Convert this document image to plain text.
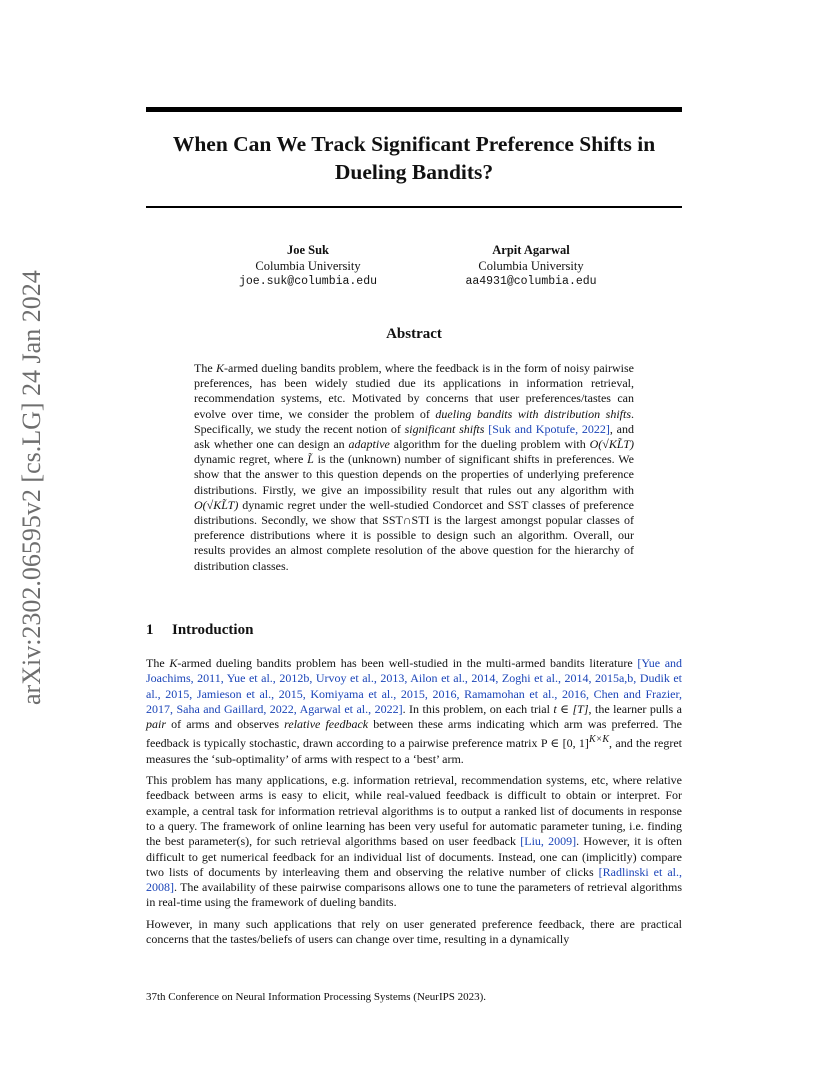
arXiv:2302.06595v2 [cs.LG] 24 Jan 2024
When Can We Track Significant Preference Shifts in Dueling Bandits?
Joe Suk
Columbia University
joe.suk@columbia.edu
Arpit Agarwal
Columbia University
aa4931@columbia.edu
Abstract
The K-armed dueling bandits problem, where the feedback is in the form of noisy pairwise preferences, has been widely studied due its applications in information retrieval, recommendation systems, etc. Motivated by concerns that user preferences/tastes can evolve over time, we consider the problem of dueling bandits with distribution shifts. Specifically, we study the recent notion of significant shifts [Suk and Kpotufe, 2022], and ask whether one can design an adaptive algorithm for the dueling problem with O(√KL̃T) dynamic regret, where L̃ is the (unknown) number of significant shifts in preferences. We show that the answer to this question depends on the properties of underlying preference distributions. Firstly, we give an impossibility result that rules out any algorithm with O(√KL̃T) dynamic regret under the well-studied Condorcet and SST classes of preference distributions. Secondly, we show that SST∩STI is the largest amongst popular classes of preference distributions where it is possible to design such an algorithm. Overall, our results provides an almost complete resolution of the above question for the hierarchy of distribution classes.
1 Introduction

The K-armed dueling bandits problem has been well-studied in the multi-armed bandits literature [Yue and Joachims, 2011, Yue et al., 2012b, Urvoy et al., 2013, Ailon et al., 2014, Zoghi et al., 2014, 2015a,b, Dudik et al., 2015, Jamieson et al., 2015, Komiyama et al., 2015, 2016, Ramamohan et al., 2016, Chen and Frazier, 2017, Saha and Gaillard, 2022, Agarwal et al., 2022]. In this problem, on each trial t ∈ [T], the learner pulls a pair of arms and observes relative feedback between these arms indicating which arm was preferred. The feedback is typically stochastic, drawn according to a pairwise preference matrix P ∈ [0, 1]$^{K\times K}$, and the regret measures the ‘sub-optimality’ of arms with respect to a ‘best’ arm.

This problem has many applications, e.g. information retrieval, recommendation systems, etc, where relative feedback between arms is easy to elicit, while real-valued feedback is difficult to obtain or interpret. For example, a central task for information retrieval algorithms is to output a ranked list of documents in response to a query. The framework of online learning has been very useful for automatic parameter tuning, i.e. finding the best parameter(s), for such retrieval algorithms based on user feedback [Liu, 2009]. However, it is often difficult to get numerical feedback for an individual list of documents. Instead, one can (implicitly) compare two lists of documents by interleaving them and observing the relative number of clicks [Radlinski et al., 2008]. The availability of these pairwise comparisons allows one to tune the parameters of retrieval algorithms in real-time using the framework of dueling bandits.

However, in many such applications that rely on user generated preference feedback, there are practical concerns that the tastes/beliefs of users can change over time, resulting in a dynamically

37th Conference on Neural Information Processing Systems (NeurIPS 2023).
